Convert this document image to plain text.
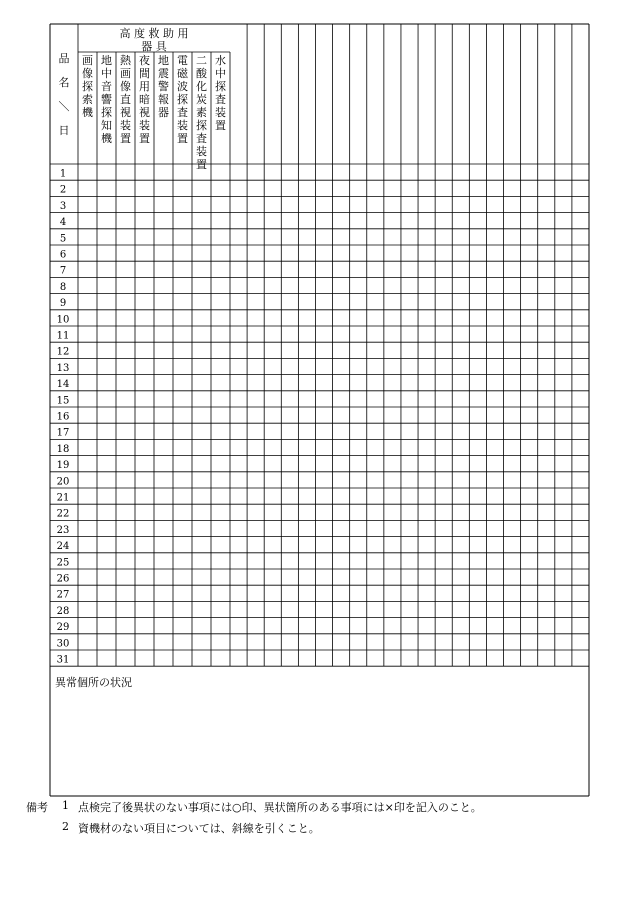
高 度 救 助 用
器 具
品
名
＼
日
画
像
探
索
機
地
中
音
響
探
知
機
熱
画
像
直
視
装
置
夜
間
用
暗
視
装
置
地
震
警
報
器
電
磁
波
探
査
装
置
二
酸
化
炭
素
探
査
装
置
水
中
探
査
装
置
1
2
3
4
5
6
7
8
9
10
11
12
13
14
15
16
17
18
19
20
21
22
23
24
25
26
27
28
29
30
31
異常個所の状況
備考 1 点検完了後異状のない事項には○印、異状箇所のある事項には×印を記入のこと。
2 資機材のない項目については、斜線を引くこと。
